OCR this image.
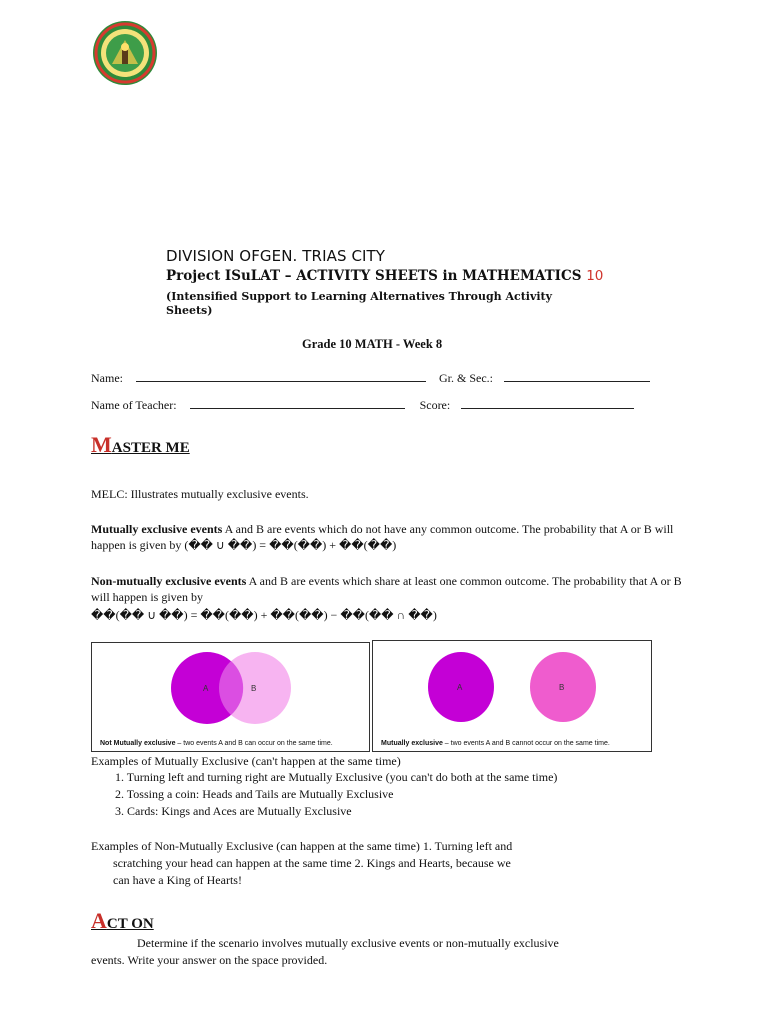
DIVISION OFGEN. TRIAS CITY
Project ISuLAT – ACTIVITY SHEETS in MATHEMATICS 10
(Intensified Support to Learning Alternatives Through Activity Sheets)
Grade 10 MATH - Week 8
Name:	Gr. & Sec.:
Name of Teacher:	Score:
MASTER ME
MELC: Illustrates mutually exclusive events.
Mutually exclusive events A and B are events which do not have any common outcome. The probability that A or B will happen is given by (�� ∪ ��) = ��(��) + ��(��)
Non-mutually exclusive events A and B are events which share at least one common outcome. The probability that A or B will happen is given by
��(�� ∪ ��) = ��(��) + ��(��) − ��(�� ∩ ��)
A	B
Not Mutually exclusive – two events A and B can occur on the same time.
A	B
Mutually exclusive – two events A and B cannot occur on the same time.
Examples of Mutually Exclusive (can't happen at the same time)
1. Turning left and turning right are Mutually Exclusive (you can't do both at the same time)
2. Tossing a coin: Heads and Tails are Mutually Exclusive
3. Cards: Kings and Aces are Mutually Exclusive
Examples of Non-Mutually Exclusive (can happen at the same time) 1. Turning left and
scratching your head can happen at the same time 2. Kings and Hearts, because we
can have a King of Hearts!
ACT ON
Determine if the scenario involves mutually exclusive events or non-mutually exclusive
events. Write your answer on the space provided.
